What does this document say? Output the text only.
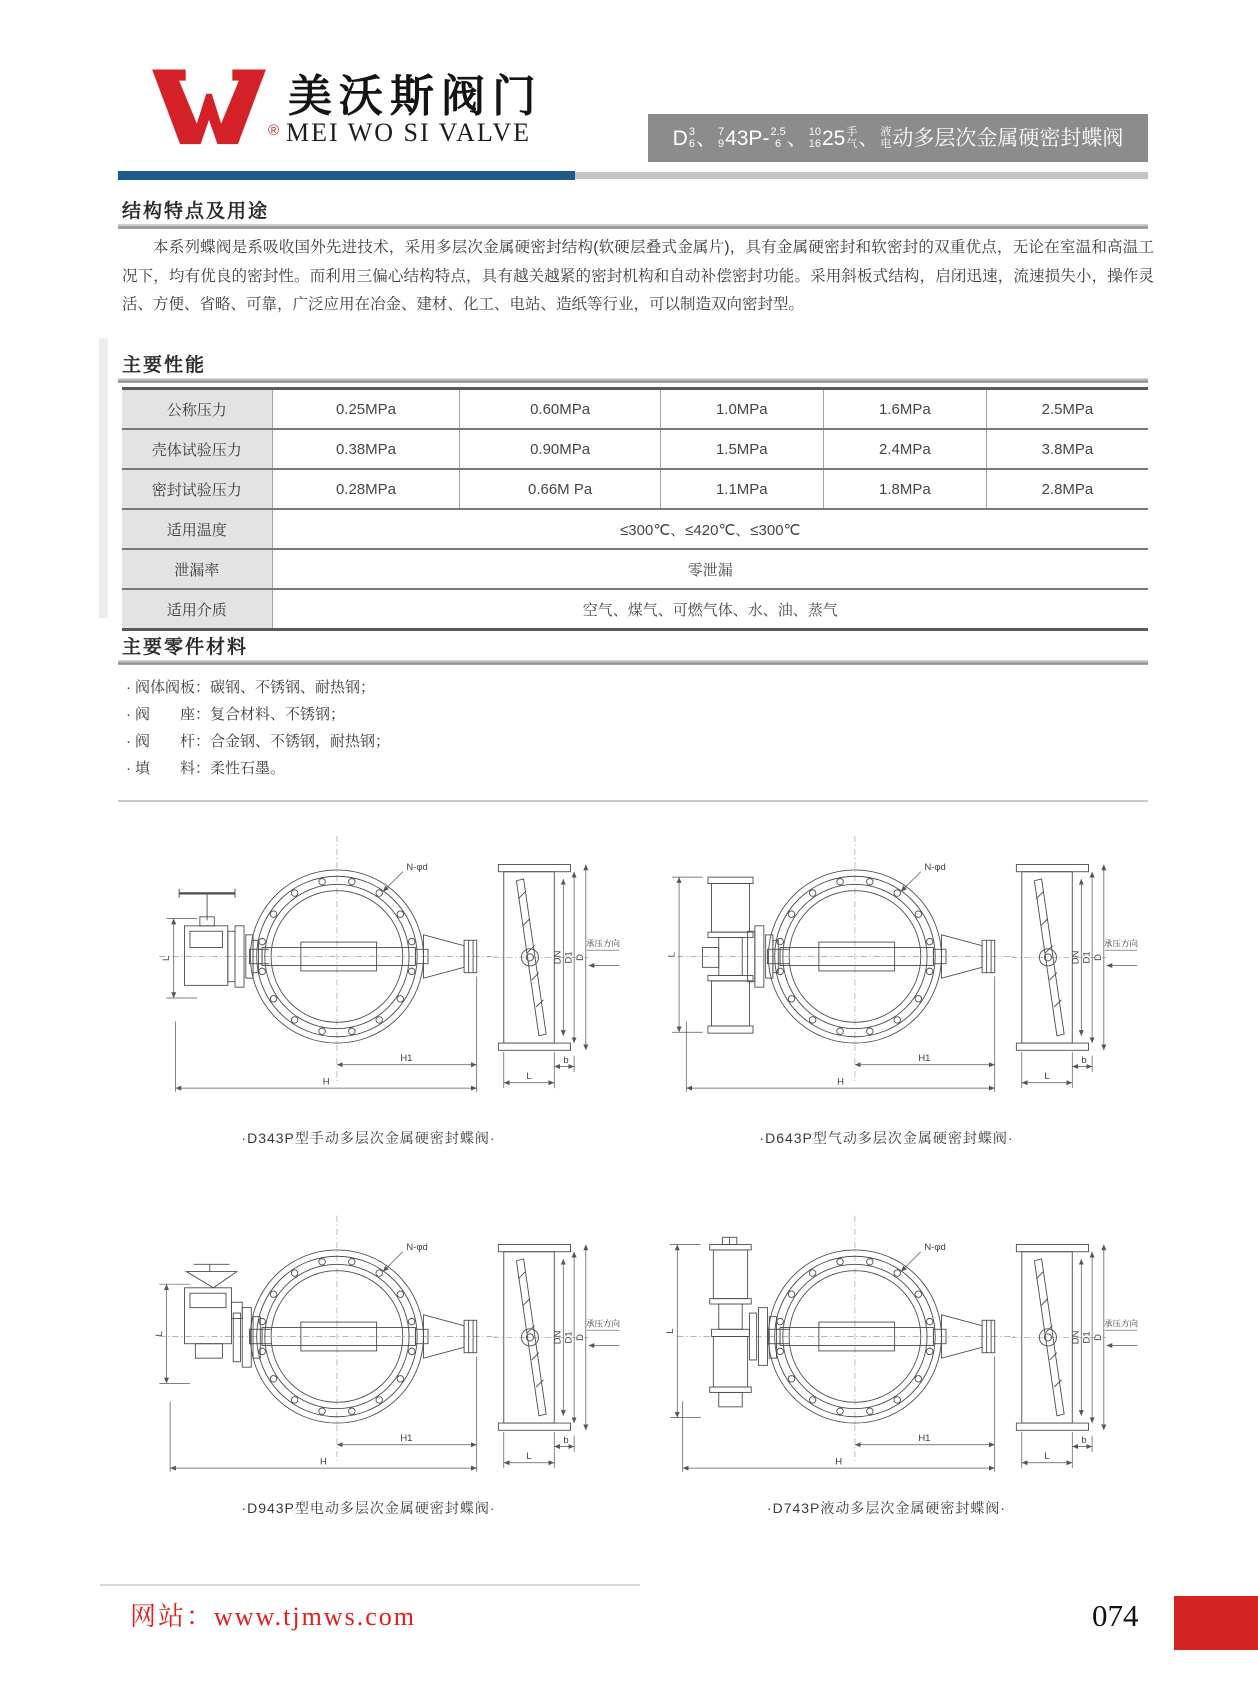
®
美沃斯阀门
MEI WO SI VALVE	D 3
6 、 7
9 43P- 2.5
6 、 10
16 25 手
气 、 液
电 动多层次金属硬密封蝶阀
结构特点及用途
本系列蝶阀是系吸收国外先进技术，采用多层次金属硬密封结构(软硬层叠式金属片)，具有金属硬密封和软密封的双重优点，无论在室温和高温工况下，均有优良的密封性。而利用三偏心结构特点，具有越关越紧的密封机构和自动补偿密封功能。采用斜板式结构，启闭迅速，流速损失小，操作灵活、方便、省略、可靠，广泛应用在冶金、建材、化工、电站、造纸等行业，可以制造双向密封型。
主要性能
公称压力	0.25MPa	0.60MPa	1.0MPa	1.6MPa	2.5MPa
壳体试验压力	0.38MPa	0.90MPa	1.5MPa	2.4MPa	3.8MPa
密封试验压力	0.28MPa	0.66M Pa	1.1MPa	1.8MPa	2.8MPa
适用温度	≤300℃、≤420℃、≤300℃				
泄漏率	零泄漏				
适用介质	空气、煤气、可燃气体、水、油、蒸气				
主要零件材料
· 阀体阀板：碳钢、不锈钢、耐热钢；
· 阀座：复合材料、不锈钢；
· 阀杆：合金钢、不锈钢，耐热钢；
· 填料：柔性石墨。
N-φd
H
H1
L	DN D1 D
承压方向
L
b
N-φd
H
H1
L	DN D1 D
承压方向
L
b
·D343P型手动多层次金属硬密封蝶阀·	·D643P型气动多层次金属硬密封蝶阀·
N-φd
H
H1
L	DN D1 D
承压方向
L
b
N-φd
H
H1
L	DN D1 D
承压方向
L
b
·D943P型电动多层次金属硬密封蝶阀·	·D743P液动多层次金属硬密封蝶阀·
网站：www.tjmws.com	074
